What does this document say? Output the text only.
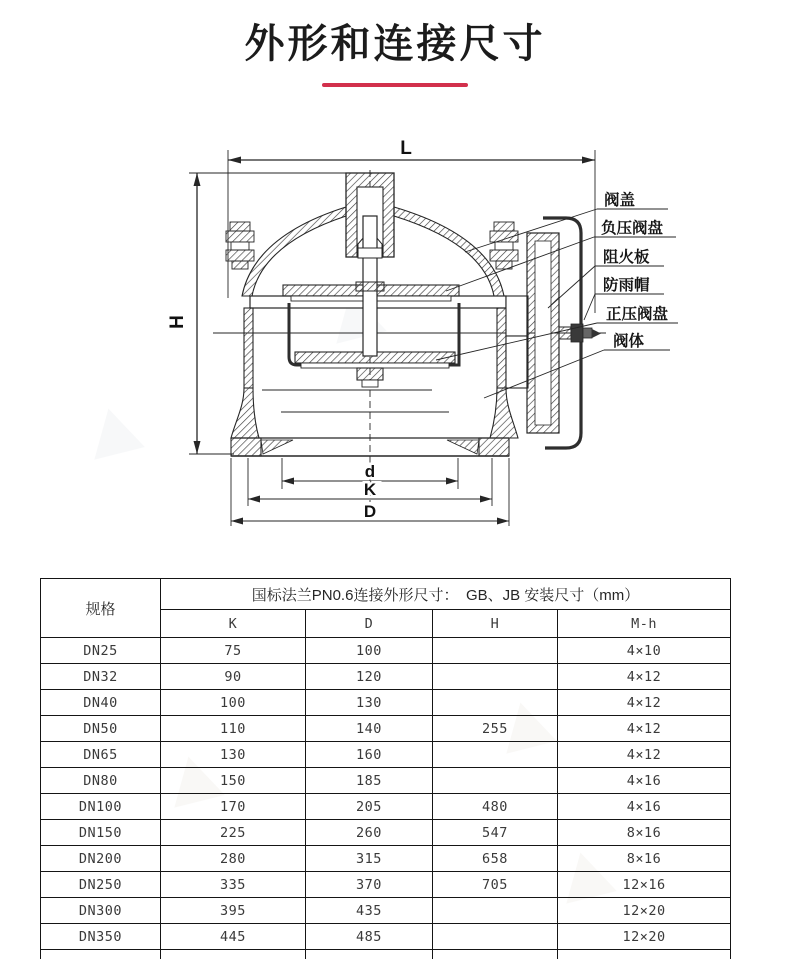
外形和连接尺寸
L
H
阀盖
负压阀盘
阻火板
防雨帽
正压阀盘
阀体
d
K
D
规格	国标法兰PN0.6连接外形尺寸：　GB、JB 安装尺寸（mm）			
	K	D	H	M-h
DN25	75	100		4×10
DN32	90	120		4×12
DN40	100	130		4×12
DN50	110	140	255	4×12
DN65	130	160		4×12
DN80	150	185		4×16
DN100	170	205	480	4×16
DN150	225	260	547	8×16
DN200	280	315	658	8×16
DN250	335	370	705	12×16
DN300	395	435		12×20
DN350	445	485		12×20
